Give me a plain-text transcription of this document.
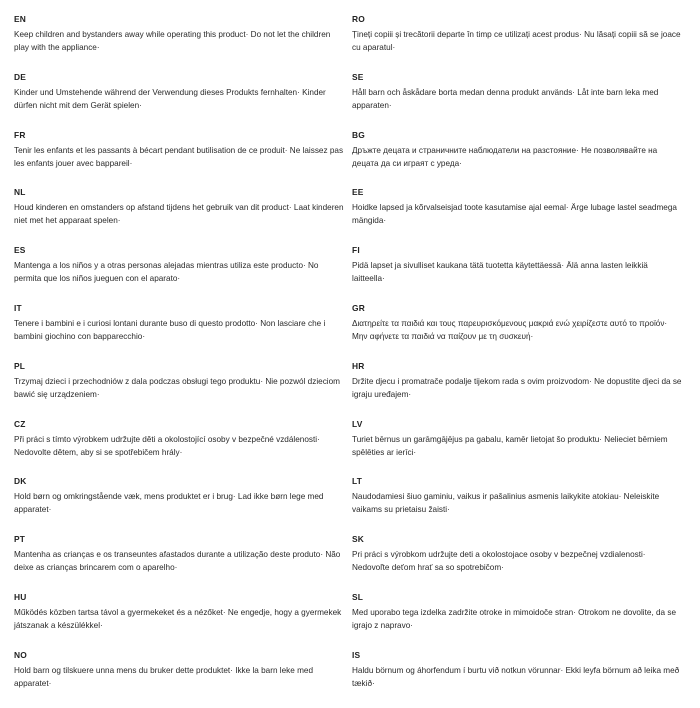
EN

Keep children and bystanders away while operating this product· Do not let the children play with the appliance·

DE

Kinder und Umstehende während der Verwendung dieses Produkts fernhalten· Kinder dürfen nicht mit dem Gerät spielen·

FR

Tenir les enfants et les passants à bécart pendant butilisation de ce produit· Ne laissez pas les enfants jouer avec bappareil·

NL

Houd kinderen en omstanders op afstand tijdens het gebruik van dit product· Laat kinderen niet met het apparaat spelen·

ES

Mantenga a los niños y a otras personas alejadas mientras utiliza este producto· No permita que los niños jueguen con el aparato·

IT

Tenere i bambini e i curiosi lontani durante buso di questo prodotto· Non lasciare che i bambini giochino con bapparecchio·

PL

Trzymaj dzieci i przechodniów z dala podczas obsługi tego produktu· Nie pozwól dzieciom bawić się urządzeniem·

CZ

Při práci s tímto výrobkem udržujte děti a okolostojící osoby v bezpečné vzdálenosti· Nedovolte dětem, aby si se spotřebičem hrály·

DK

Hold børn og omkringstående væk, mens produktet er i brug· Lad ikke børn lege med apparatet·

PT

Mantenha as crianças e os transeuntes afastados durante a utilização deste produto· Não deixe as crianças brincarem com o aparelho·

HU

Működés közben tartsa távol a gyermekeket és a nézőket· Ne engedje, hogy a gyermekek játszanak a készülékkel·

NO

Hold barn og tilskuere unna mens du bruker dette produktet· Ikke la barn leke med apparatet·

RO

Țineți copiii și trecătorii departe în timp ce utilizați acest produs· Nu lăsați copiii să se joace cu aparatul·

SE

Håll barn och åskådare borta medan denna produkt används· Låt inte barn leka med apparaten·

BG

Дръжте децата и страничните наблюдатели на разстояние· Не позволявайте на децата да си играят с уреда·

EE

Hoidke lapsed ja kõrvalseisjad toote kasutamise ajal eemal· Ärge lubage lastel seadmega mängida·

FI

Pidä lapset ja sivulliset kaukana tätä tuotetta käytettäessä· Älä anna lasten leikkiä laitteella·

GR

Διατηρείτε τα παιδιά και τους παρευρισκόμενους μακριά ενώ χειρίζεστε αυτό το προϊόν· Μην αφήνετε τα παιδιά να παίζουν με τη συσκευή·

HR

Držite djecu i promatrače podalje tijekom rada s ovim proizvodom· Ne dopustite djeci da se igraju uređajem·

LV

Turiet bērnus un garāmgājējus pa gabalu, kamēr lietojat šo produktu· Nelieciet bērniem spēlēties ar ierīci·

LT

Naudodamiesi šiuo gaminiu, vaikus ir pašalinius asmenis laikykite atokiau· Neleiskite vaikams su prietaisu žaisti·

SK

Pri práci s výrobkom udržujte deti a okolostojace osoby v bezpečnej vzdialenosti· Nedovoľte deťom hrať sa so spotrebičom·

SL

Med uporabo tega izdelka zadržite otroke in mimoidoče stran· Otrokom ne dovolite, da se igrajo z napravo·

IS

Haldu börnum og áhorfendum í burtu við notkun vörunnar· Ekki leyfa börnum að leika með tækið·
